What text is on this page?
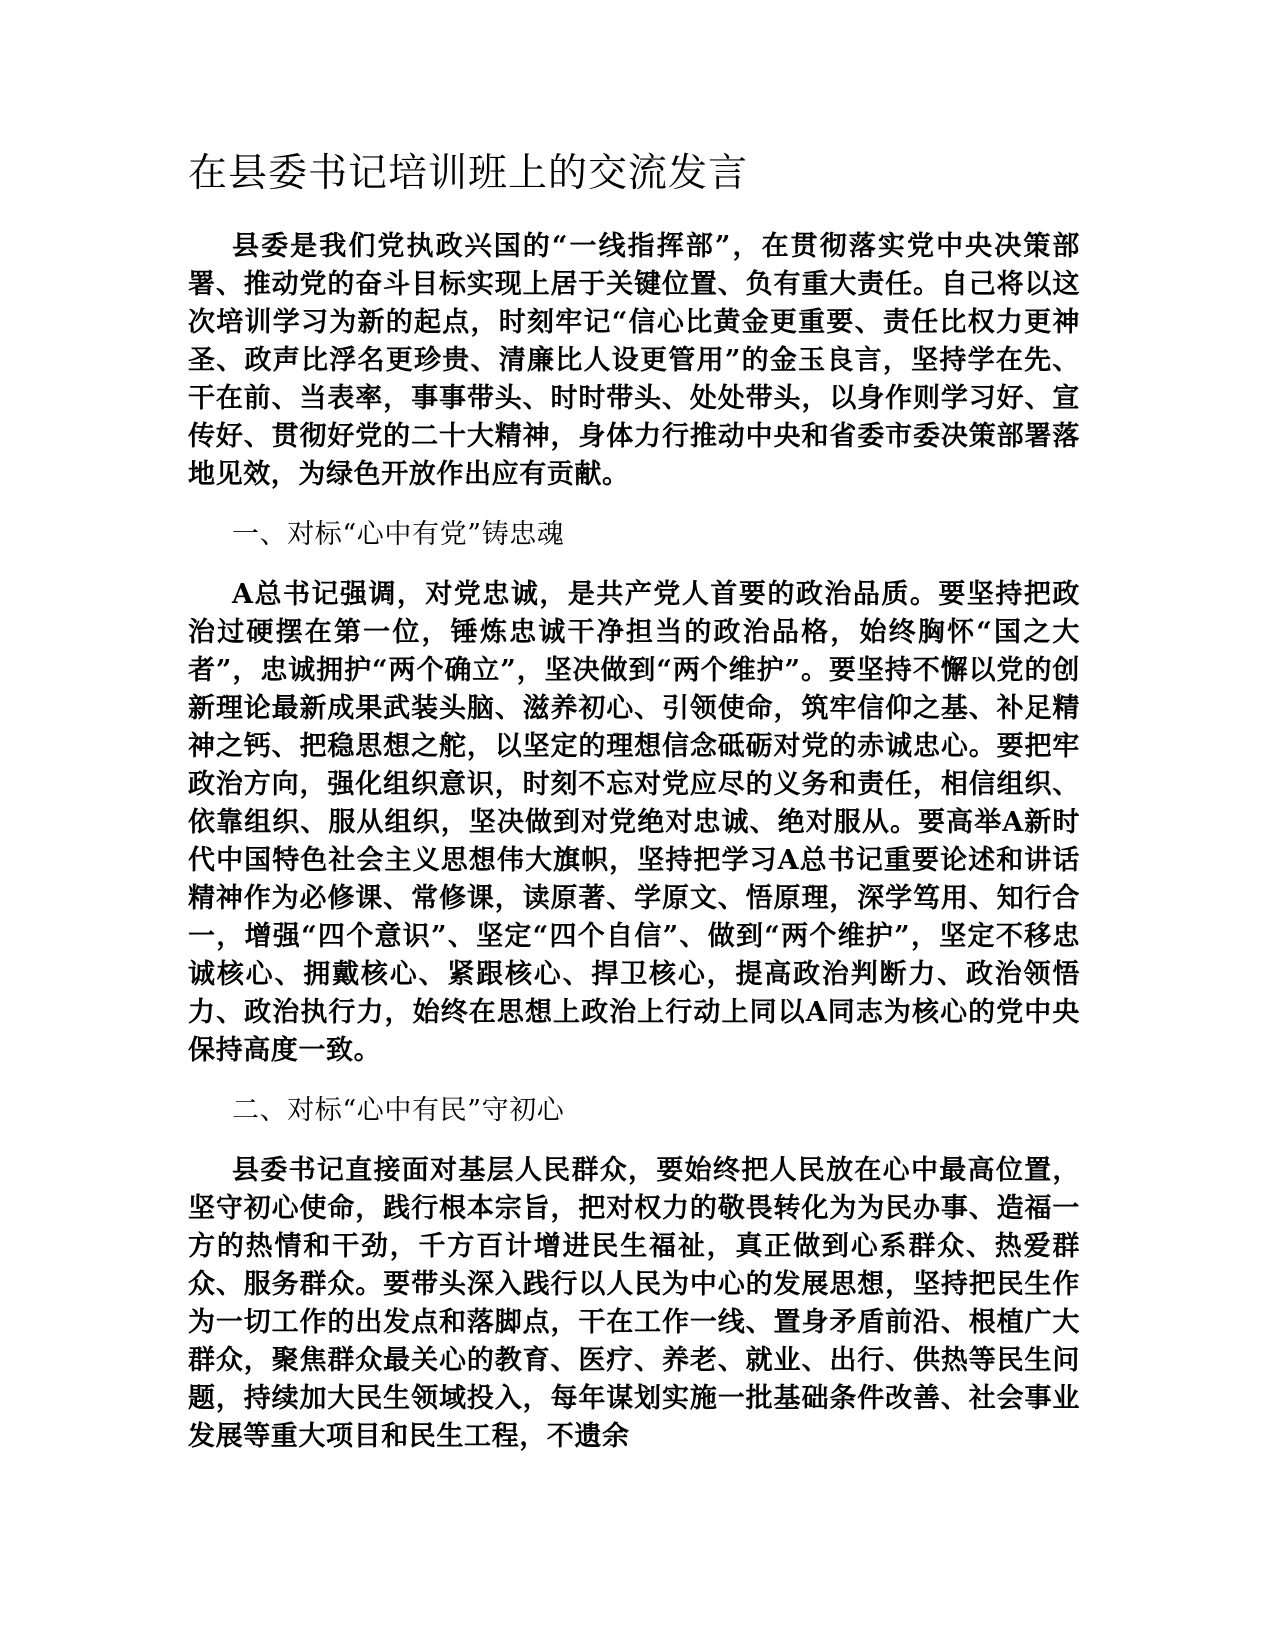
在县委书记培训班上的交流发言

县委是我们党执政兴国的“一线指挥部”，在贯彻落实党中央决策部署、推动党的奋斗目标实现上居于关键位置、负有重大责任。自己将以这次培训学习为新的起点，时刻牢记“信心比黄金更重要、责任比权力更神圣、政声比浮名更珍贵、清廉比人设更管用”的金玉良言，坚持学在先、干在前、当表率，事事带头、时时带头、处处带头，以身作则学习好、宣传好、贯彻好党的二十大精神，身体力行推动中央和省委市委决策部署落地见效，为绿色开放作出应有贡献。

一、对标“心中有党”铸忠魂

A总书记强调，对党忠诚，是共产党人首要的政治品质。要坚持把政治过硬摆在第一位，锤炼忠诚干净担当的政治品格，始终胸怀“国之大者”，忠诚拥护“两个确立”，坚决做到“两个维护”。要坚持不懈以党的创新理论最新成果武装头脑、滋养初心、引领使命，筑牢信仰之基、补足精神之钙、把稳思想之舵，以坚定的理想信念砥砺对党的赤诚忠心。要把牢政治方向，强化组织意识，时刻不忘对党应尽的义务和责任，相信组织、依靠组织、服从组织，坚决做到对党绝对忠诚、绝对服从。要高举A新时代中国特色社会主义思想伟大旗帜，坚持把学习A总书记重要论述和讲话精神作为必修课、常修课，读原著、学原文、悟原理，深学笃用、知行合一，增强“四个意识”、坚定“四个自信”、做到“两个维护”，坚定不移忠诚核心、拥戴核心、紧跟核心、捍卫核心，提高政治判断力、政治领悟力、政治执行力，始终在思想上政治上行动上同以A同志为核心的党中央保持高度一致。

二、对标“心中有民”守初心

县委书记直接面对基层人民群众，要始终把人民放在心中最高位置，坚守初心使命，践行根本宗旨，把对权力的敬畏转化为为民办事、造福一方的热情和干劲，千方百计增进民生福祉，真正做到心系群众、热爱群众、服务群众。要带头深入践行以人民为中心的发展思想，坚持把民生作为一切工作的出发点和落脚点，干在工作一线、置身矛盾前沿、根植广大群众，聚焦群众最关心的教育、医疗、养老、就业、出行、供热等民生问题，持续加大民生领域投入，每年谋划实施一批基础条件改善、社会事业发展等重大项目和民生工程，不遗余
